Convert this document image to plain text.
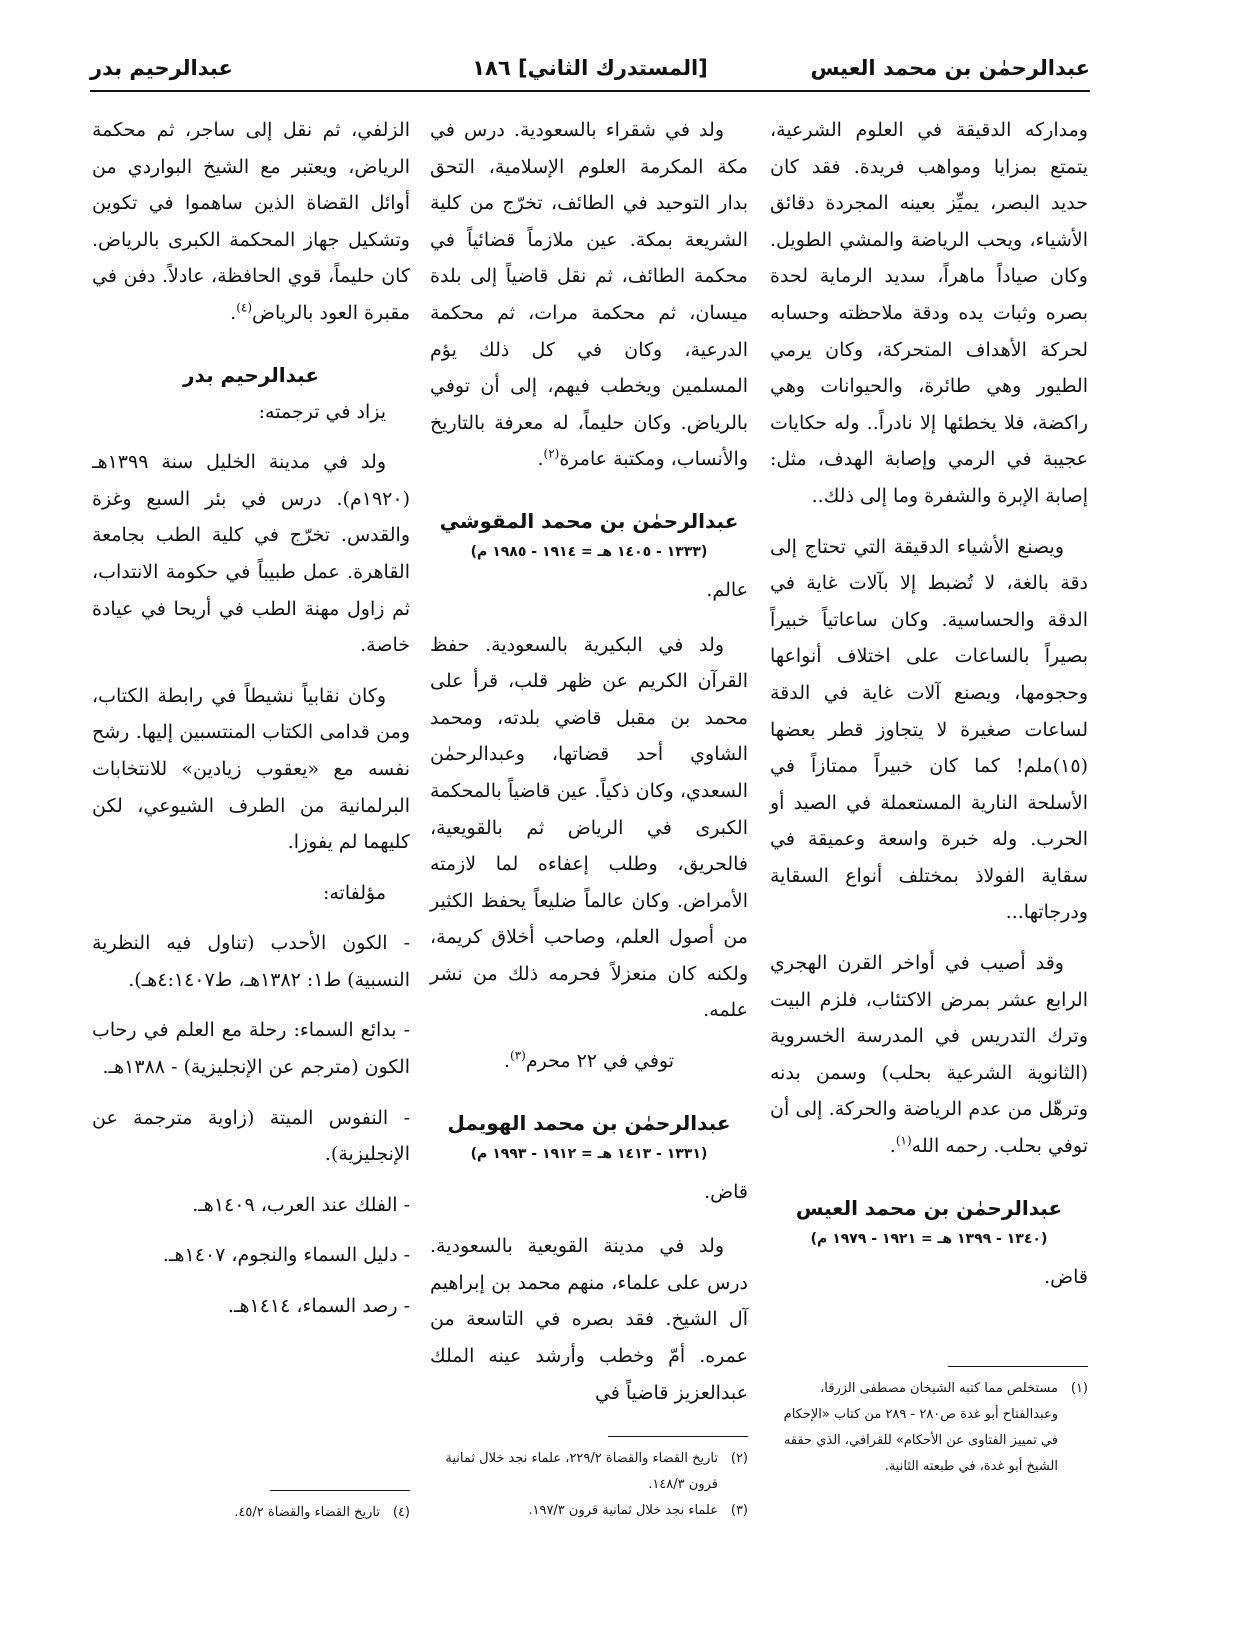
عبدالرحمٰن بن محمد العيس
[المستدرك الثاني] ١٨٦
عبدالرحيم بدر

ومداركه الدقيقة في العلوم الشرعية، يتمتع بمزايا ومواهب فريدة. فقد كان حديد البصر، يميِّز بعينه المجردة دقائق الأشياء، ويحب الرياضة والمشي الطويل. وكان صياداً ماهراً، سديد الرماية لحدة بصره وثبات يده ودقة ملاحظته وحسابه لحركة الأهداف المتحركة، وكان يرمي الطيور وهي طائرة، والحيوانات وهي راكضة، فلا يخطئها إلا نادراً.. وله حكايات عجيبة في الرمي وإصابة الهدف، مثل: إصابة الإبرة والشفرة وما إلى ذلك..

ويصنع الأشياء الدقيقة التي تحتاج إلى دقة بالغة، لا تُضبط إلا بآلات غاية في الدقة والحساسية. وكان ساعاتياً خبيراً بصيراً بالساعات على اختلاف أنواعها وحجومها، ويصنع آلات غاية في الدقة لساعات صغيرة لا يتجاوز قطر بعضها (١٥)ملم! كما كان خبيراً ممتازاً في الأسلحة النارية المستعملة في الصيد أو الحرب. وله خبرة واسعة وعميقة في سقاية الفولاذ بمختلف أنواع السقاية ودرجاتها...

وقد أصيب في أواخر القرن الهجري الرابع عشر بمرض الاكتئاب، فلزم البيت وترك التدريس في المدرسة الخسروية (الثانوية الشرعية بحلب) وسمن بدنه وترهّل من عدم الرياضة والحركة. إلى أن توفي بحلب. رحمه الله$^{(١)}$.

عبدالرحمٰن بن محمد العيس
(١٣٤٠ - ١٣٩٩ هـ = ١٩٢١ - ١٩٧٩ م)

قاض.

ولد في شقراء بالسعودية. درس في مكة المكرمة العلوم الإسلامية، التحق بدار التوحيد في الطائف، تخرّج من كلية الشريعة بمكة. عين ملازماً قضائياً في محكمة الطائف، ثم نقل قاضياً إلى بلدة ميسان، ثم محكمة مرات، ثم محكمة الدرعية، وكان في كل ذلك يؤم المسلمين ويخطب فيهم، إلى أن توفي بالرياض. وكان حليماً، له معرفة بالتاريخ والأنساب، ومكتبة عامرة$^{(٢)}$.

عبدالرحمٰن بن محمد المقوشي
(١٣٣٣ - ١٤٠٥ هـ = ١٩١٤ - ١٩٨٥ م)

عالم.

ولد في البكيرية بالسعودية. حفظ القرآن الكريم عن ظهر قلب، قرأ على محمد بن مقبل قاضي بلدته، ومحمد الشاوي أحد قضاتها، وعبدالرحمٰن السعدي، وكان ذكياً. عين قاضياً بالمحكمة الكبرى في الرياض ثم بالقويعية، فالحريق، وطلب إعفاءه لما لازمته الأمراض. وكان عالماً ضليعاً يحفظ الكثير من أصول العلم، وصاحب أخلاق كريمة، ولكنه كان منعزلاً فحرمه ذلك من نشر علمه.

توفي في ٢٢ محرم$^{(٣)}$.

عبدالرحمٰن بن محمد الهويمل
(١٣٣١ - ١٤١٣ هـ = ١٩١٢ - ١٩٩٣ م)

قاض.

ولد في مدينة القويعية بالسعودية. درس على علماء، منهم محمد بن إبراهيم آل الشيخ. فقد بصره في التاسعة من عمره. أمّ وخطب وأرشد عينه الملك عبدالعزيز قاضياً في

الزلفي، ثم نقل إلى ساجر، ثم محكمة الرياض، ويعتبر مع الشيخ البواردي من أوائل القضاة الذين ساهموا في تكوين وتشكيل جهاز المحكمة الكبرى بالرياض. كان حليماً، قوي الحافظة، عادلاً. دفن في مقبرة العود بالرياض$^{(٤)}$.

عبدالرحيم بدر

يزاد في ترجمته:

ولد في مدينة الخليل سنة ١٣٩٩هـ (١٩٢٠م). درس في بئر السبع وغزة والقدس. تخرّج في كلية الطب بجامعة القاهرة. عمل طبيباً في حكومة الانتداب، ثم زاول مهنة الطب في أريحا في عيادة خاصة.

وكان نقابياً نشيطاً في رابطة الكتاب، ومن قدامى الكتاب المنتسبين إليها. رشح نفسه مع «يعقوب زيادين» للانتخابات البرلمانية من الطرف الشيوعي، لكن كليهما لم يفوزا.

مؤلفاته:

- الكون الأحدب (تناول فيه النظرية النسبية) ط١: ١٣٨٢هـ، ط٤:١٤٠٧هـ).

- بدائع السماء: رحلة مع العلم في رحاب الكون (مترجم عن الإنجليزية) - ١٣٨٨هـ.

- النفوس الميتة (زاوية مترجمة عن الإنجليزية).

- الفلك عند العرب، ١٤٠٩هـ.

- دليل السماء والنجوم، ١٤٠٧هـ.

- رصد السماء، ١٤١٤هـ.

(١)
مستخلص مما كتبه الشيخان مصطفى الزرقا، وعبدالفتاح أبو غدة ص٢٨٠ - ٢٨٩ من كتاب «الإحكام في تمييز الفتاوى عن الأحكام» للقرافي، الذي حققه الشيخ أبو غدة، في طبعته الثانية.
(٢)
تاريخ القضاء والقضاة ٢٢٩/٢، علماء نجد خلال ثمانية قرون ١٤٨/٣.
(٣)
علماء نجد خلال ثمانية قرون ١٩٧/٣.
(٤)
تاريخ القضاء والقضاة ٤٥/٢.
